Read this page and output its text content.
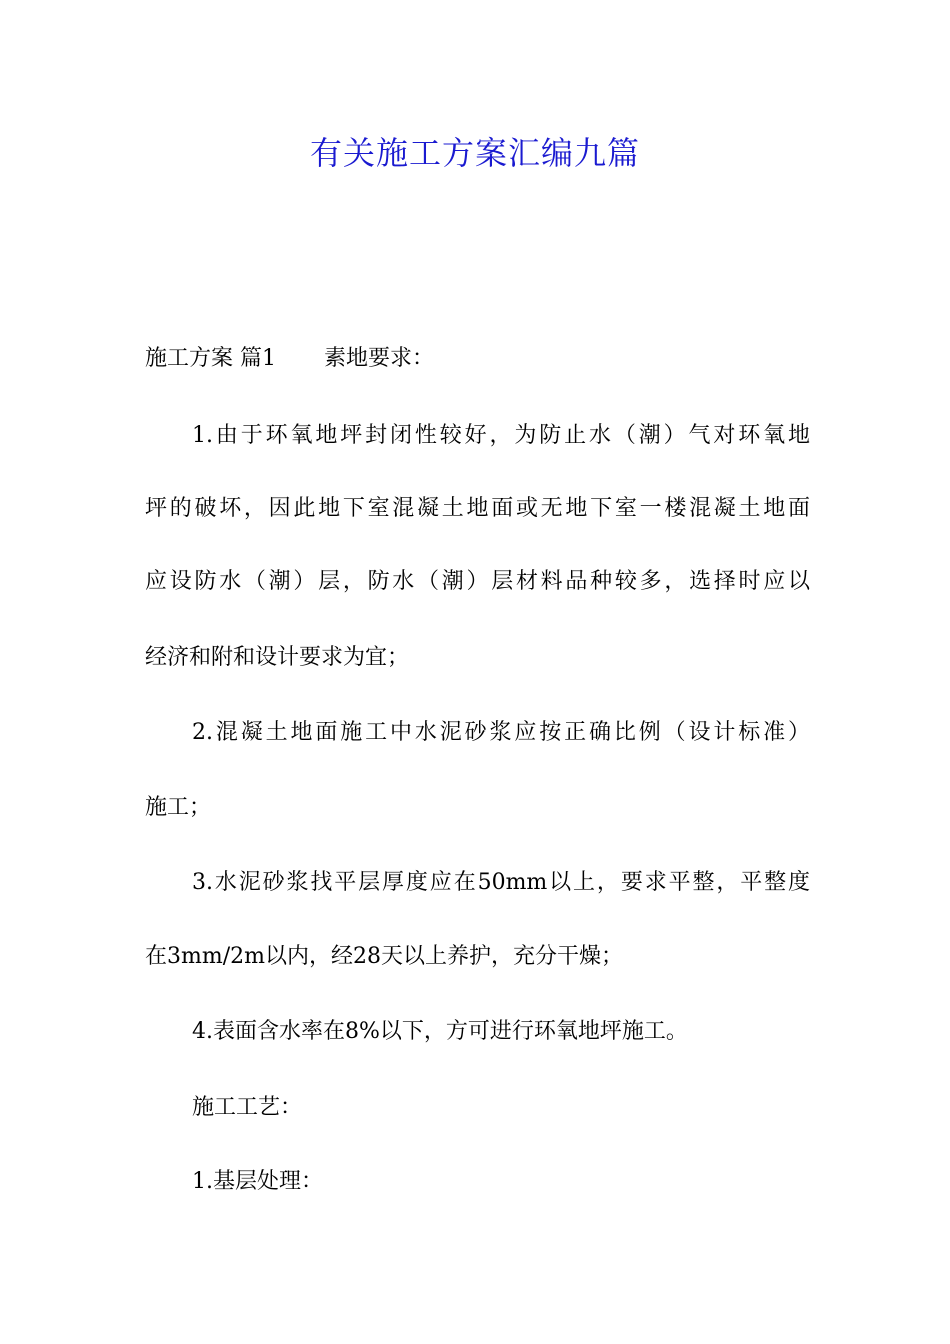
有关施工方案汇编九篇
施工方案 篇1 素地要求：
1.由于环氧地坪封闭性较好，为防止水（潮）气对环氧地
坪的破坏，因此地下室混凝土地面或无地下室一楼混凝土地面
应设防水（潮）层，防水（潮）层材料品种较多，选择时应以
经济和附和设计要求为宜；
2.混凝土地面施工中水泥砂浆应按正确比例（设计标准）
施工；
3.水泥砂浆找平层厚度应在50mm以上，要求平整，平整度
在3mm/2m以内，经28天以上养护，充分干燥；
4.表面含水率在8%以下，方可进行环氧地坪施工。
施工工艺：
1.基层处理：
